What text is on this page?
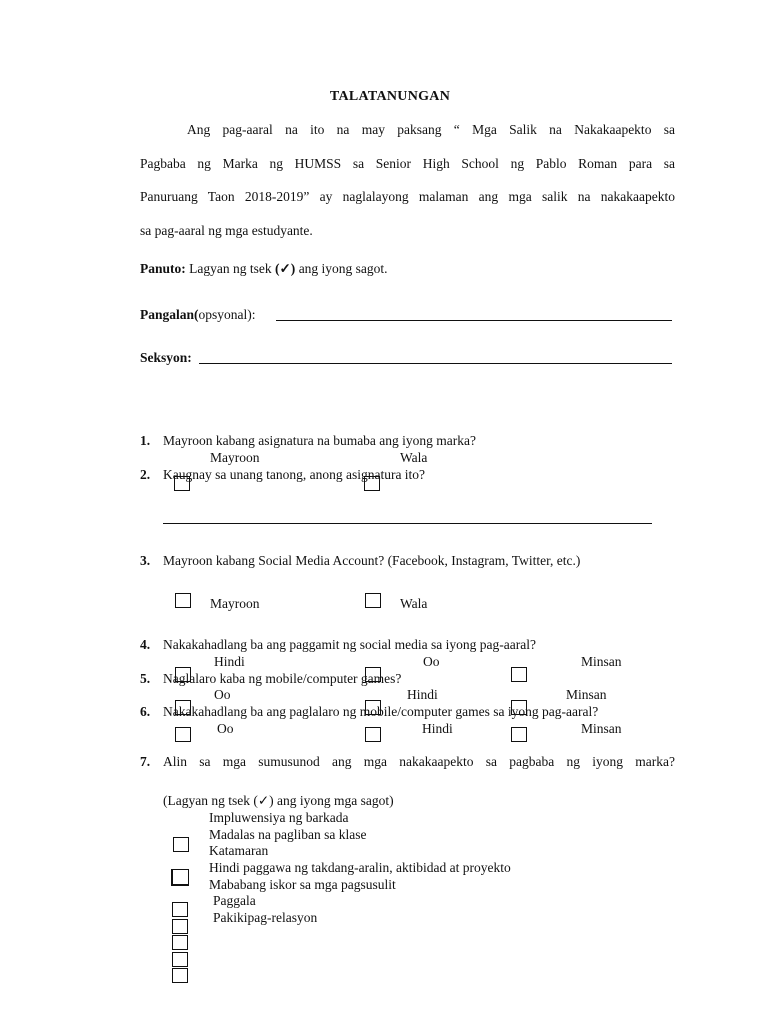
TALATANUNGAN
Ang pag-aaral na ito na may paksang “ Mga Salik na Nakakaapekto sa
Pagbaba ng Marka ng HUMSS sa Senior High School ng Pablo Roman para sa
Panuruang Taon 2018-2019” ay naglalayong malaman ang mga salik na nakakaapekto
sa pag-aaral ng mga estudyante.
Panuto: Lagyan ng tsek (✓) ang iyong sagot.
Pangalan(opsyonal):
Seksyon:
1. Mayroon kabang asignatura na bumaba ang iyong marka?
Mayroon	Wala
2. Kaugnay sa unang tanong, anong asignatura ito?
3. Mayroon kabang Social Media Account? (Facebook, Instagram, Twitter, etc.)
Mayroon	Wala
4. Nakakahadlang ba ang paggamit ng social media sa iyong pag-aaral?
Hindi	Oo	Minsan
5. Naglalaro kaba ng mobile/computer games?
Oo	Hindi	Minsan
6. Nakakahadlang ba ang paglalaro ng mobile/computer games sa iyong pag-aaral?
Oo	Hindi	Minsan
7. Alin sa mga sumusunod ang mga nakakaapekto sa pagbaba ng iyong marka?
(Lagyan ng tsek (✓) ang iyong mga sagot)
Impluwensiya ng barkada
Madalas na pagliban sa klase
Katamaran
Hindi paggawa ng takdang-aralin, aktibidad at proyekto
Mababang iskor sa mga pagsusulit
Paggala
Pakikipag-relasyon
